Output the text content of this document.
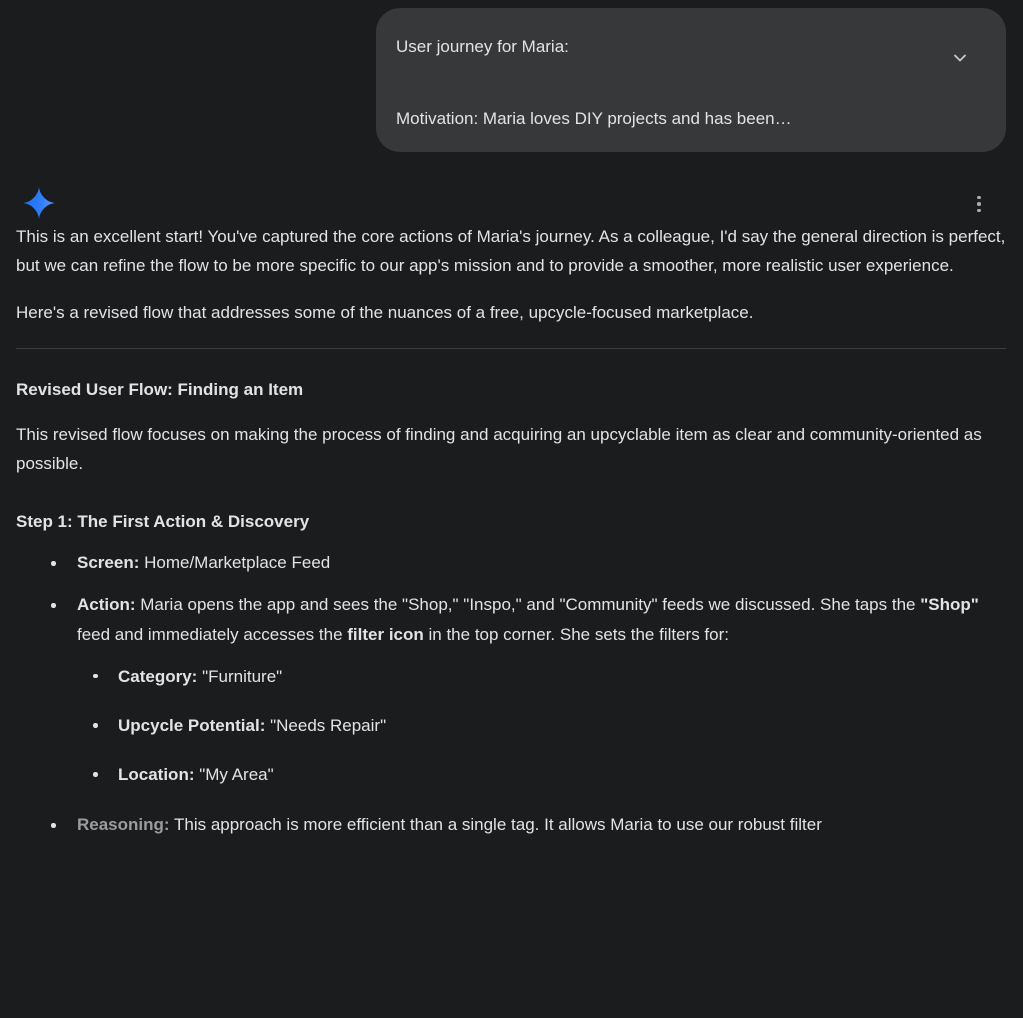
User journey for Maria:
Motivation: Maria loves DIY projects and has been…

This is an excellent start! You've captured the core actions of Maria's journey. As a colleague, I'd say the general direction is perfect, but we can refine the flow to be more specific to our app's mission and to provide a smoother, more realistic user experience.

Here's a revised flow that addresses some of the nuances of a free, upcycle-focused marketplace.

Revised User Flow: Finding an Item

This revised flow focuses on making the process of finding and acquiring an upcyclable item as clear and community-oriented as possible.

Step 1: The First Action & Discovery
Screen: Home/Marketplace Feed
Action: Maria opens the app and sees the "Shop," "Inspo," and "Community" feeds we discussed. She taps the "Shop" feed and immediately accesses the filter icon in the top corner. She sets the filters for:
Category: "Furniture"
Upcycle Potential: "Needs Repair"
Location: "My Area"
Reasoning: This approach is more efficient than a single tag. It allows Maria to use our robust filter
